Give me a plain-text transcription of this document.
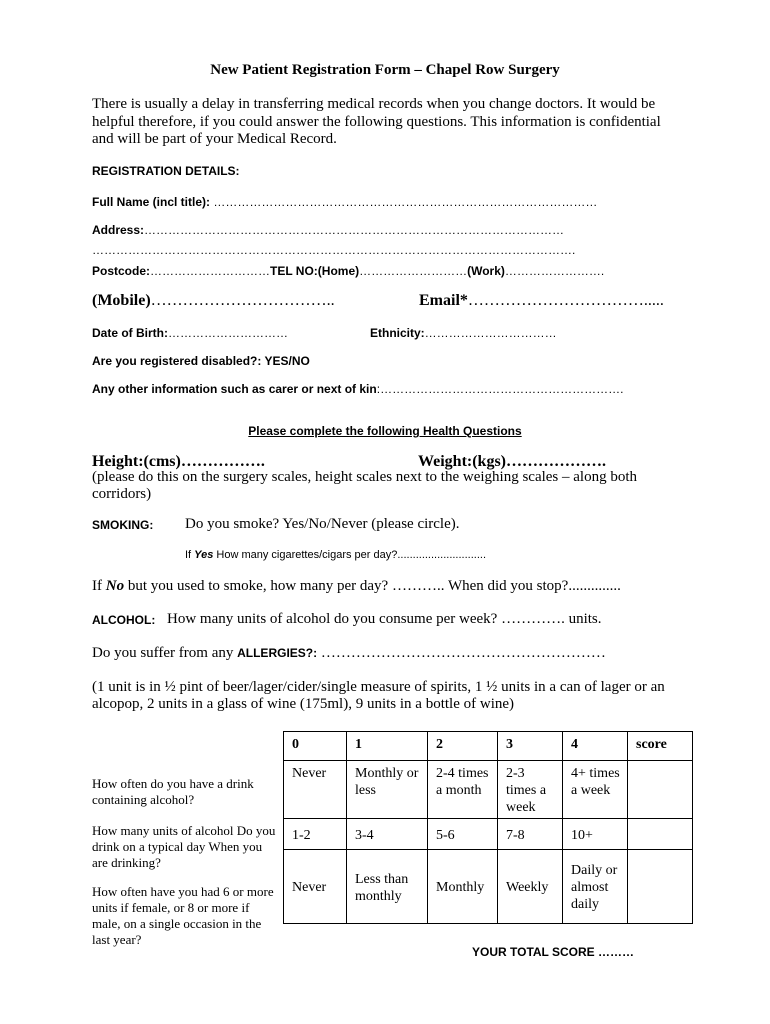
New Patient Registration Form – Chapel Row Surgery
There is usually a delay in transferring medical records when you change doctors. It would be helpful therefore, if you could answer the following questions. This information is confidential and will be part of your Medical Record.
REGISTRATION DETAILS:
Full Name (incl title): ……………………………………………………………………………………
Address:……………………………………………………………………………………………
………………………………………………………………………………………………………….
Postcode:…………………………TEL NO:(Home)………………………(Work)…………………….
(Mobile)……………………………..	Email*…………………………….....
Date of Birth:…………………………	Ethnicity:……………………………
Are you registered disabled?: YES/NO
Any other information such as carer or next of kin:…………………………………………………….
Please complete the following Health Questions
Height:(cms)…………….	Weight:(kgs)……………….
(please do this on the surgery scales, height scales next to the weighing scales – along both corridors)
SMOKING: Do you smoke? Yes/No/Never (please circle).
If Yes How many cigarettes/cigars per day?.............................
If No but you used to smoke, how many per day? ……….. When did you stop?..............
ALCOHOL: How many units of alcohol do you consume per week? …………. units.
Do you suffer from any ALLERGIES?: …………………………………………………
(1 unit is in ½ pint of beer/lager/cider/single measure of spirits, 1 ½ units in a can of lager or an alcopop, 2 units in a glass of wine (175ml), 9 units in a bottle of wine)
How often do you have a drink containing alcohol?
How many units of alcohol Do you drink on a typical day When you are drinking?
How often have you had 6 or more units if female, or 8 or more if male, on a single occasion in the last year?
0	1	2	3	4	score
Never	Monthly or less	2-4 times a month	2-3 times a week	4+ times a week	
1-2	3-4	5-6	7-8	10+	
Never	Less than monthly	Monthly	Weekly	Daily or almost daily	
YOUR TOTAL SCORE ………
